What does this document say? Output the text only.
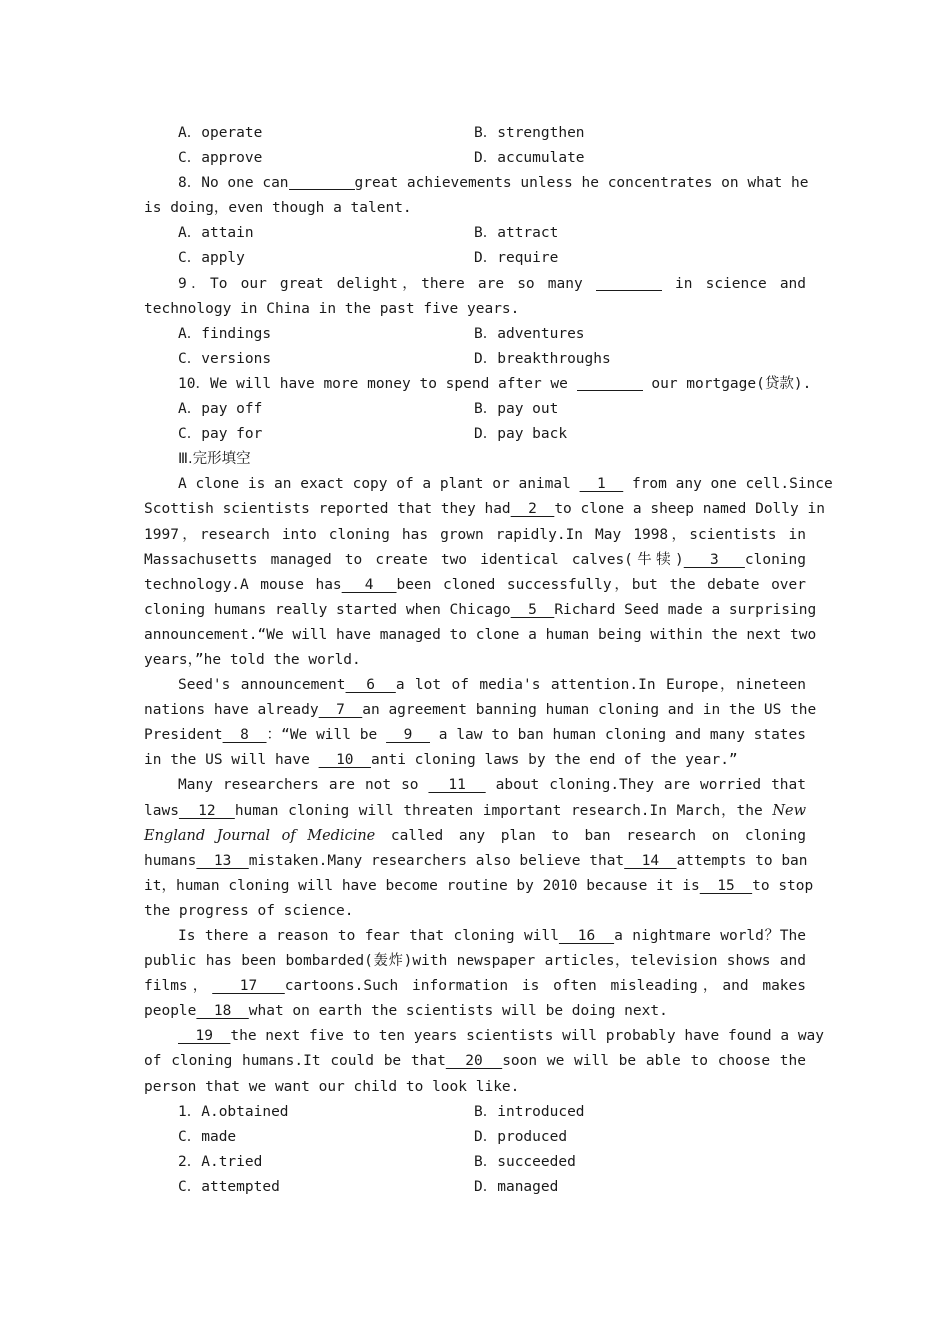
A．operate	B．strengthen
C．approve	D．accumulate
8．No one can	great achievements unless he concentrates on what he
is doing，even though a talent.
A．attain	B．attract
C．apply	D．require
9．To our great delight，there are so many	in science and
technology in China in the past five years.
A．findings	B．adventures
C．versions	D．breakthroughs
10．We will have more money to spend after we	our mortgage(贷款).
A．pay off	B．pay out
C．pay for	D．pay back
Ⅲ.完形填空
A clone is an exact copy of a plant or animal   1   from any one cell.Since
Scottish scientists reported that they had  2  to clone a sheep named Dolly in
1997，research into cloning has grown rapidly.In May 1998，scientists in
Massachusetts managed to create two identical calves(牛犊)  3  cloning
technology.A mouse has  4  been cloned successfully，but the debate over
cloning humans really started when Chicago  5  Richard Seed made a surprising
announcement.“We will have managed to clone a human being within the next two
years，”he told the world.
Seed's announcement  6  a lot of media's attention.In Europe，nineteen
nations have already  7  an agreement banning human cloning and in the US the
President  8  ：“We will be   9   a law to ban human cloning and many states
in the US will have   10  anti cloning laws by the end of the year.”
Many researchers are not so   11   about cloning.They are worried that
laws  12  human cloning will threaten important research.In March，the New
England Journal of Medicine called any plan to ban research on cloning
humans  13  mistaken.Many researchers also believe that  14  attempts to ban
it，human cloning will have become routine by 2010 because it is  15  to stop
the progress of science.
Is there a reason to fear that cloning will  16  a nightmare world？The
public has been bombarded(轰炸)with newspaper articles，television shows and
films，  17  cartoons.Such information is often misleading，and makes
people  18  what on earth the scientists will be doing next.
19  the next five to ten years scientists will probably have found a way
of cloning humans.It could be that  20  soon we will be able to choose the
person that we want our child to look like.
1．A.obtained	B．introduced
C．made	D．produced
2．A.tried	B．succeeded
C．attempted	D．managed
